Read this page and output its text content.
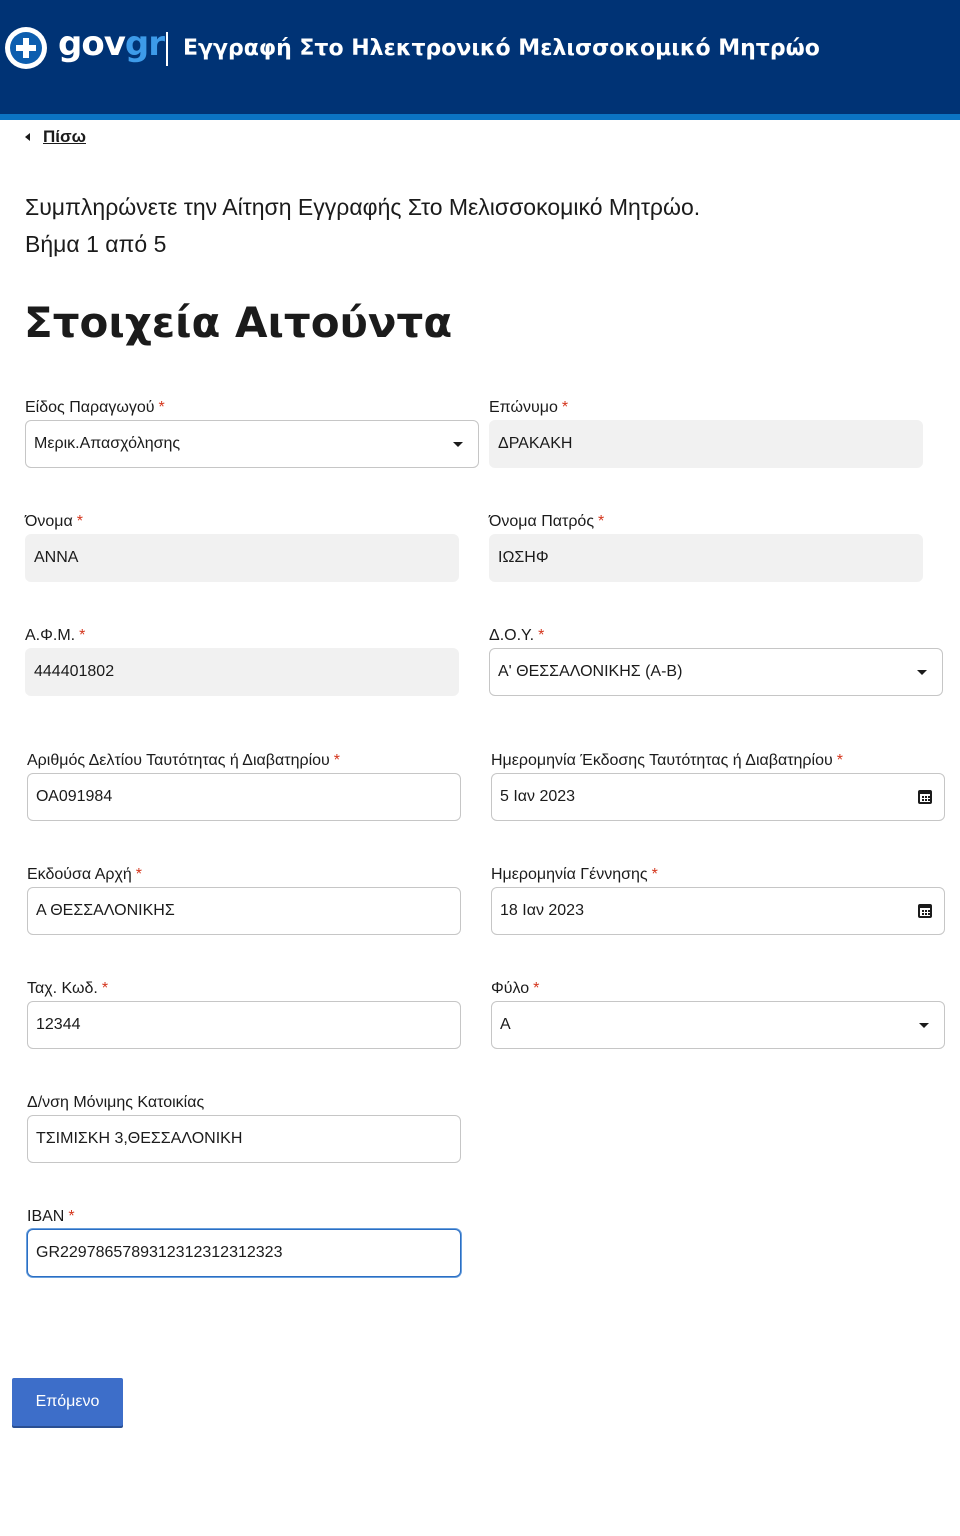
govgr Εγγραφή Στο Ηλεκτρονικό Μελισσοκομικό Μητρώο
Πίσω
Συμπληρώνετε την Αίτηση Εγγραφής Στο Μελισσοκομικό Μητρώο.
Βήμα 1 από 5
Στοιχεία Αιτούντα
Είδος Παραγωγού *
Μερικ.Απασχόλησης
Επώνυμο *
ΔΡΑΚΑΚΗ
Όνομα *
ΑΝΝΑ
Όνομα Πατρός *
ΙΩΣΗΦ
Α.Φ.Μ. *
444401802
Δ.Ο.Υ. *
Α' ΘΕΣΣΑΛΟΝΙΚΗΣ (Α-Β)
Αριθμός Δελτίου Ταυτότητας ή Διαβατηρίου *
ΟΑ091984
Ημερομηνία Έκδοσης Ταυτότητας ή Διαβατηρίου *
5 Ιαν 2023
Εκδούσα Αρχή *
Α ΘΕΣΣΑΛΟΝΙΚΗΣ
Ημερομηνία Γέννησης *
18 Ιαν 2023
Ταχ. Κωδ. *
12344
Φύλο *
Α
Δ/νση Μόνιμης Κατοικίας
ΤΣΙΜΙΣΚΗ 3,ΘΕΣΣΑΛΟΝΙΚΗ
IBAN *
GR2297865789312312312312323
Επόμενο
